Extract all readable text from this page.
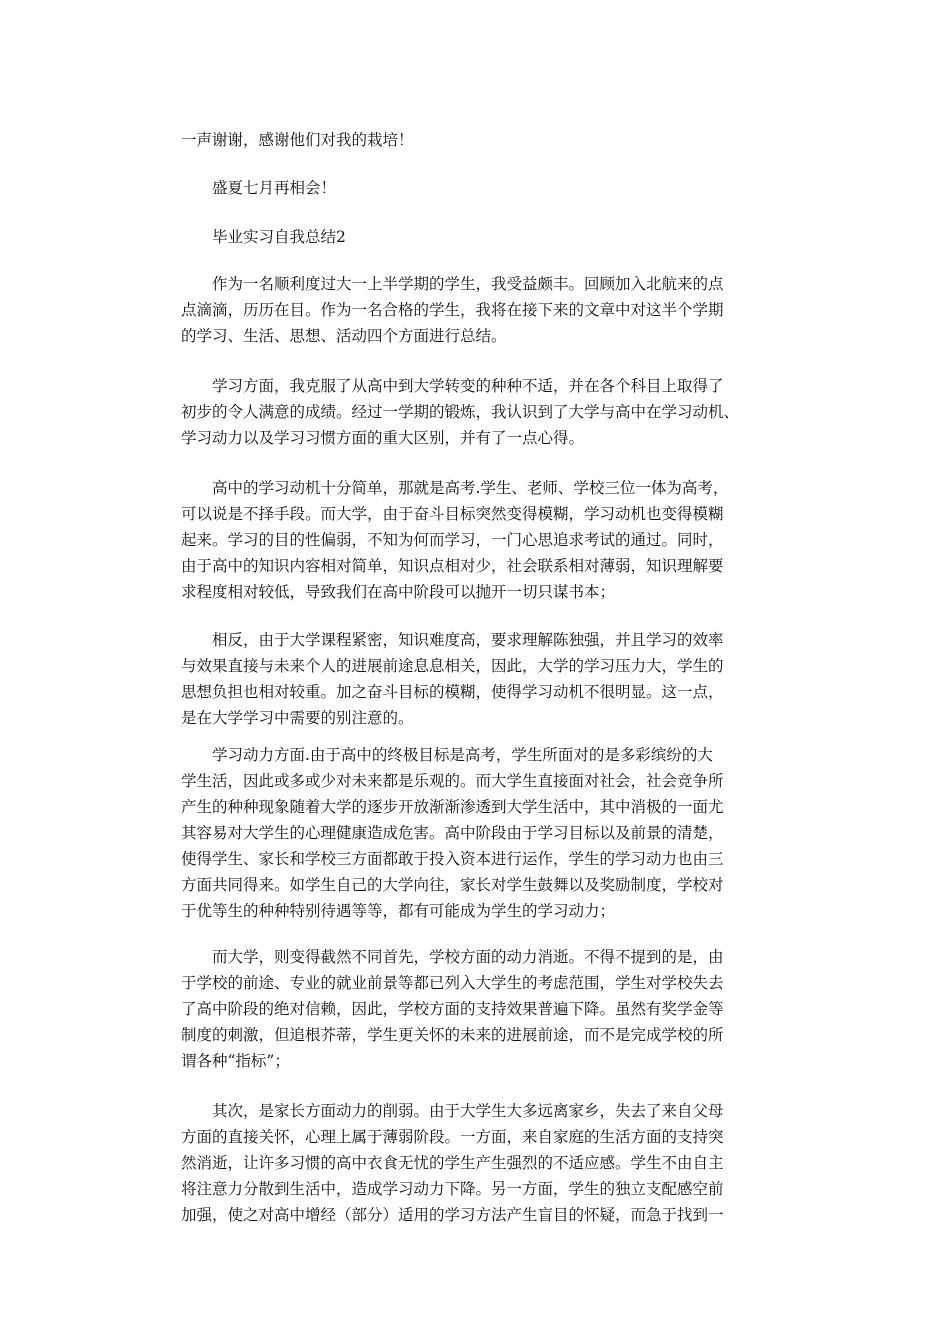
一声谢谢，感谢他们对我的栽培！
盛夏七月再相会！
毕业实习自我总结2
作为一名顺利度过大一上半学期的学生，我受益颇丰。回顾加入北航来的点
点滴滴，历历在目。作为一名合格的学生，我将在接下来的文章中对这半个学期
的学习、生活、思想、活动四个方面进行总结。
学习方面，我克服了从高中到大学转变的种种不适，并在各个科目上取得了
初步的令人满意的成绩。经过一学期的锻炼，我认识到了大学与高中在学习动机、
学习动力以及学习习惯方面的重大区别，并有了一点心得。
高中的学习动机十分简单，那就是高考.学生、老师、学校三位一体为高考，
可以说是不择手段。而大学，由于奋斗目标突然变得模糊，学习动机也变得模糊
起来。学习的目的性偏弱，不知为何而学习，一门心思追求考试的通过。同时，
由于高中的知识内容相对简单，知识点相对少，社会联系相对薄弱，知识理解要
求程度相对较低，导致我们在高中阶段可以抛开一切只谋书本；
相反，由于大学课程紧密，知识难度高，要求理解陈独强，并且学习的效率
与效果直接与未来个人的进展前途息息相关，因此，大学的学习压力大，学生的
思想负担也相对较重。加之奋斗目标的模糊，使得学习动机不很明显。这一点，
是在大学学习中需要的别注意的。
学习动力方面.由于高中的终极目标是高考，学生所面对的是多彩缤纷的大
学生活，因此或多或少对未来都是乐观的。而大学生直接面对社会，社会竞争所
产生的种种现象随着大学的逐步开放渐渐渗透到大学生活中，其中消极的一面尤
其容易对大学生的心理健康造成危害。高中阶段由于学习目标以及前景的清楚，
使得学生、家长和学校三方面都敢于投入资本进行运作，学生的学习动力也由三
方面共同得来。如学生自己的大学向往，家长对学生鼓舞以及奖励制度，学校对
于优等生的种种特别待遇等等，都有可能成为学生的学习动力；
而大学，则变得截然不同首先，学校方面的动力消逝。不得不提到的是，由
于学校的前途、专业的就业前景等都已列入大学生的考虑范围，学生对学校失去
了高中阶段的绝对信赖，因此，学校方面的支持效果普遍下降。虽然有奖学金等
制度的刺激，但追根芥蒂，学生更关怀的未来的进展前途，而不是完成学校的所
谓各种“指标”；
其次，是家长方面动力的削弱。由于大学生大多远离家乡，失去了来自父母
方面的直接关怀，心理上属于薄弱阶段。一方面，来自家庭的生活方面的支持突
然消逝，让许多习惯的高中衣食无忧的学生产生强烈的不适应感。学生不由自主
将注意力分散到生活中，造成学习动力下降。另一方面，学生的独立支配感空前
加强，使之对高中增经（部分）适用的学习方法产生盲目的怀疑，而急于找到一
